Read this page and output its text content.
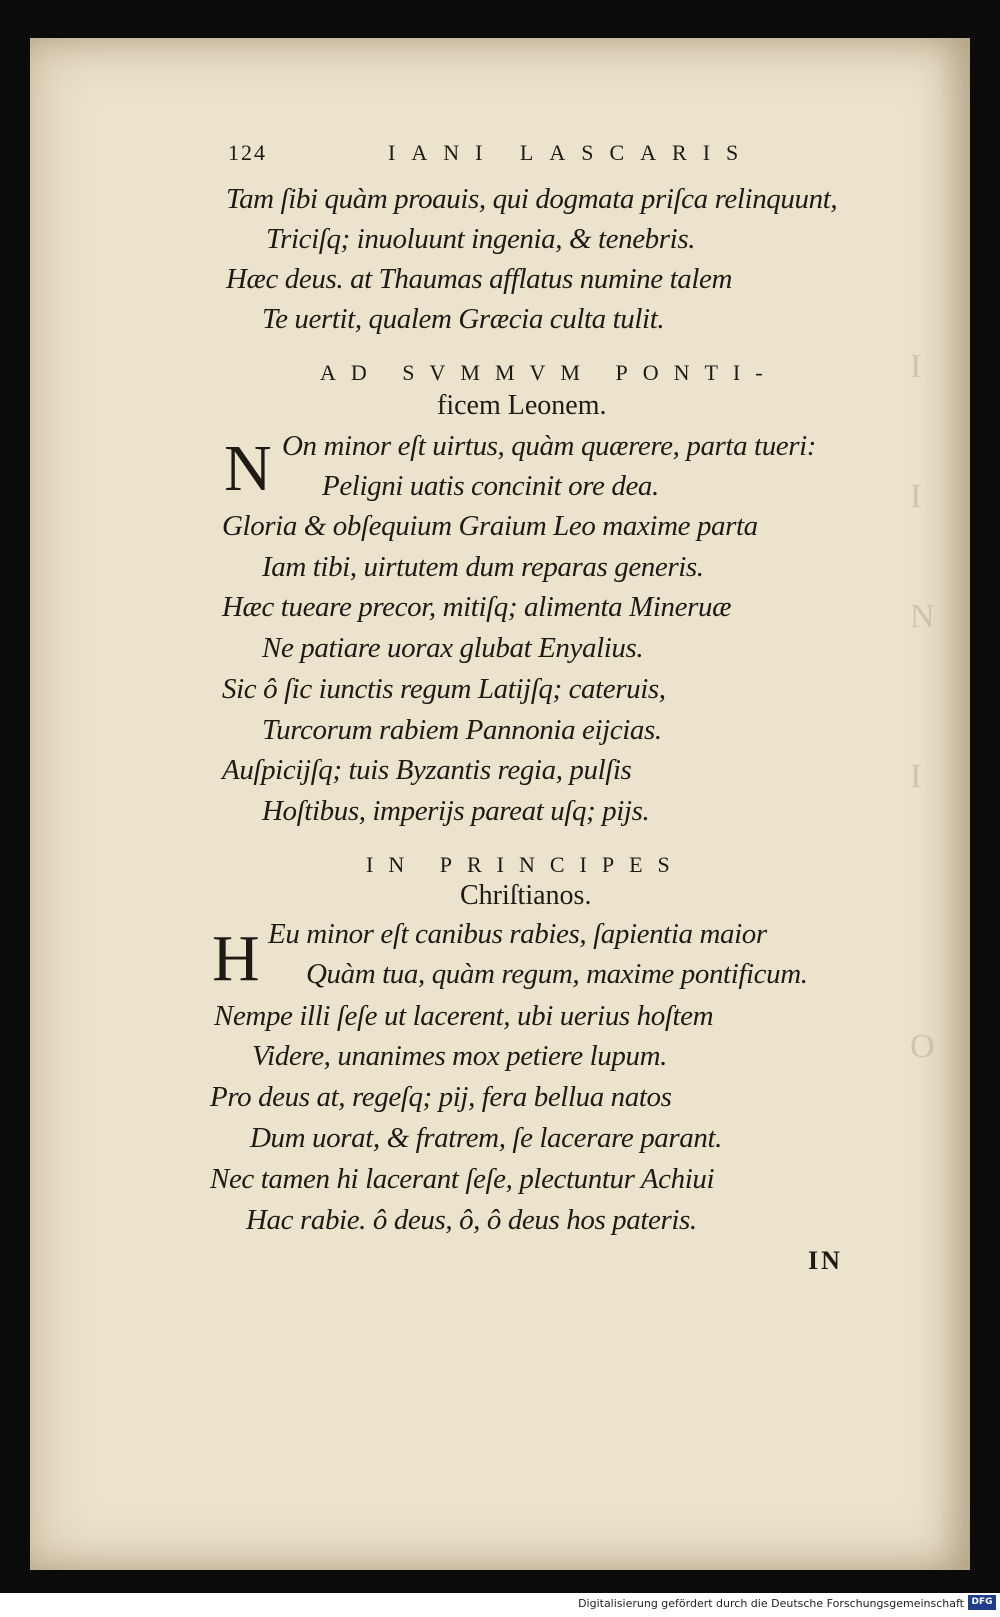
I
I
N
I
O
124	IANI LASCARIS
Tam ſibi quàm proauis, qui dogmata priſca relinquunt,
Triciſq; inuoluunt ingenia, & tenebris.
Hæc deus. at Thaumas afflatus numine talem
Te uertit, qualem Græcia culta tulit.
AD SVMMVM PONTI-
ficem Leonem.
N On minor eſt uirtus, quàm quærere, parta tueri:
Peligni uatis concinit ore dea.
Gloria & obſequium Graium Leo maxime parta
Iam tibi, uirtutem dum reparas generis.
Hæc tueare precor, mitiſq; alimenta Mineruæ
Ne patiare uorax glubat Enyalius.
Sic ô ſic iunctis regum Latijſq; cateruis,
Turcorum rabiem Pannonia eijcias.
Auſpicijſq; tuis Byzantis regia, pulſis
Hoſtibus, imperijs pareat uſq; pijs.
IN PRINCIPES
Chriſtianos.
H Eu minor eſt canibus rabies, ſapientia maior
Quàm tua, quàm regum, maxime pontificum.
Nempe illi ſeſe ut lacerent, ubi uerius hoſtem
Videre, unanimes mox petiere lupum.
Pro deus at, regeſq; pij, fera bellua natos
Dum uorat, & fratrem, ſe lacerare parant.
Nec tamen hi lacerant ſeſe, plectuntur Achiui
Hac rabie. ô deus, ô, ô deus hos pateris.
IN
Digitalisierung gefördert durch die Deutsche Forschungsgemeinschaft DFG
